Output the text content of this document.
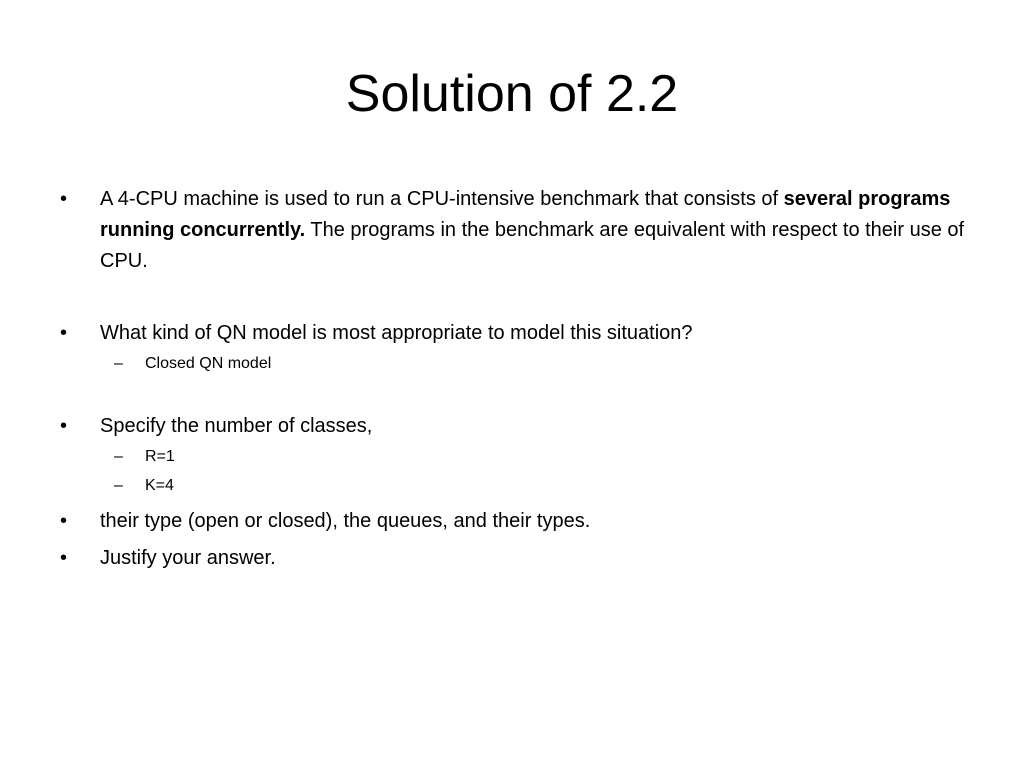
Solution of 2.2

•	A 4-CPU machine is used to run a CPU-intensive benchmark that consists of several programs running concurrently. The programs in the benchmark are equivalent with respect to their use of CPU.

•	What kind of QN model is most appropriate to model this situation?

– Closed QN model

•	Specify the number of classes,

– R=1

– K=4

•	their type (open or closed), the queues, and their types.

•	Justify your answer.
